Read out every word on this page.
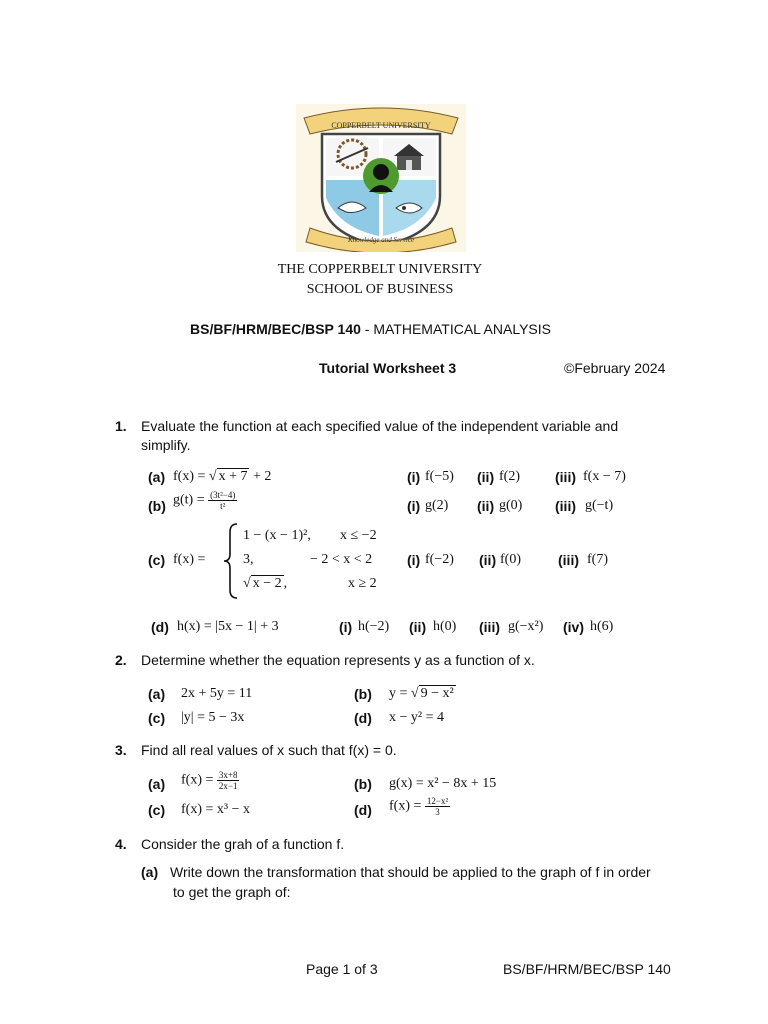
COPPERBELT UNIVERSITY
Knowledge and Service
THE COPPERBELT UNIVERSITY
SCHOOL OF BUSINESS
BS/BF/HRM/BEC/BSP 140 - MATHEMATICAL ANALYSIS
Tutorial Worksheet 3	©February 2024
1. Evaluate the function at each specified value of the independent variable and
simplify.
(a) f(x) = √ x + 7 + 2	(i) f(−5) (ii) f(2)	(iii) f(x − 7)
(b) $g(t) = \frac{\text{(3t²−4)}}{\text{t²}}$	(i) g(2) (ii) g(0) (iii) g(−t)
(c) f(x) =
1 − (x − 1)², x ≤ −2
3,	− 2 < x < 2
√ x − 2 ,	x ≥ 2
(i) f(−2) (ii) f(0)	(iii) f(7)
(d) h(x) = |5x − 1| + 3	(i) h(−2) (ii) h(0) (iii) g(−x²) (iv) h(6)
2. Determine whether the equation represents y as a function of x.
(a) 2x + 5y = 11	(b) y = √ 9 − x²
(c) |y| = 5 − 3x	(d) x − y² = 4
3. Find all real values of x such that f(x) = 0.
(a) $f(x) = \frac{3x+8}{2x-1}$	(b) g(x) = x² − 8x + 15
(c) f(x) = x³ − x	(d) $f(x) = \frac{\text{12−x²}}{3}$
4. Consider the grah of a function f.
(a) Write down the transformation that should be applied to the graph of f in order
to get the graph of:
Page 1 of 3	BS/BF/HRM/BEC/BSP 140
